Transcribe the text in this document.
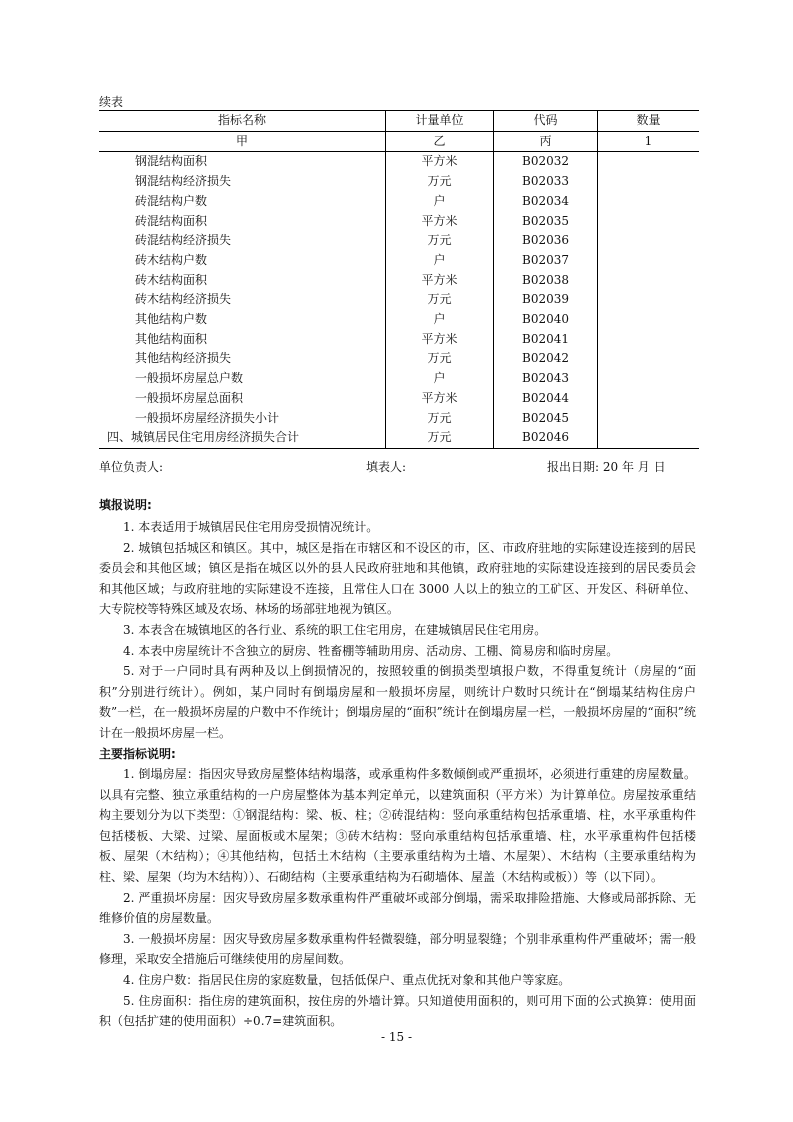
续表
指标名称	计量单位	代码	数量
甲	乙	丙	1
钢混结构面积	平方米	B02032	
钢混结构经济损失	万元	B02033	
砖混结构户数	户	B02034	
砖混结构面积	平方米	B02035	
砖混结构经济损失	万元	B02036	
砖木结构户数	户	B02037	
砖木结构面积	平方米	B02038	
砖木结构经济损失	万元	B02039	
其他结构户数	户	B02040	
其他结构面积	平方米	B02041	
其他结构经济损失	万元	B02042	
一般损坏房屋总户数	户	B02043	
一般损坏房屋总面积	平方米	B02044	
一般损坏房屋经济损失小计	万元	B02045	
四、城镇居民住宅用房经济损失合计	万元	B02046	
单位负责人:	填表人:	报出日期: 20 年 月 日
填报说明:

1. 本表适用于城镇居民住宅用房受损情况统计。

2. 城镇包括城区和镇区。其中，城区是指在市辖区和不设区的市，区、市政府驻地的实际建设连接到的居民委员会和其他区域；镇区是指在城区以外的县人民政府驻地和其他镇，政府驻地的实际建设连接到的居民委员会和其他区域；与政府驻地的实际建设不连接，且常住人口在 3000 人以上的独立的工矿区、开发区、科研单位、大专院校等特殊区域及农场、林场的场部驻地视为镇区。

3. 本表含在城镇地区的各行业、系统的职工住宅用房，在建城镇居民住宅用房。

4. 本表中房屋统计不含独立的厨房、牲畜棚等辅助用房、活动房、工棚、简易房和临时房屋。

5. 对于一户同时具有两种及以上倒损情况的，按照较重的倒损类型填报户数，不得重复统计（房屋的“面积”分别进行统计）。例如，某户同时有倒塌房屋和一般损坏房屋，则统计户数时只统计在“倒塌某结构住房户数”一栏，在一般损坏房屋的户数中不作统计；倒塌房屋的“面积”统计在倒塌房屋一栏，一般损坏房屋的“面积”统计在一般损坏房屋一栏。

主要指标说明:

1. 倒塌房屋：指因灾导致房屋整体结构塌落，或承重构件多数倾倒或严重损坏，必须进行重建的房屋数量。以具有完整、独立承重结构的一户房屋整体为基本判定单元，以建筑面积（平方米）为计算单位。房屋按承重结构主要划分为以下类型：①钢混结构：梁、板、柱；②砖混结构：竖向承重结构包括承重墙、柱，水平承重构件包括楼板、大梁、过梁、屋面板或木屋架；③砖木结构：竖向承重结构包括承重墙、柱，水平承重构件包括楼板、屋架（木结构）；④其他结构，包括土木结构（主要承重结构为土墙、木屋架）、木结构（主要承重结构为柱、梁、屋架（均为木结构））、石砌结构（主要承重结构为石砌墙体、屋盖（木结构或板））等（以下同）。

2. 严重损坏房屋：因灾导致房屋多数承重构件严重破坏或部分倒塌，需采取排险措施、大修或局部拆除、无维修价值的房屋数量。

3. 一般损坏房屋：因灾导致房屋多数承重构件轻微裂缝，部分明显裂缝；个别非承重构件严重破坏；需一般修理，采取安全措施后可继续使用的房屋间数。

4. 住房户数：指居民住房的家庭数量，包括低保户、重点优抚对象和其他户等家庭。

5. 住房面积：指住房的建筑面积，按住房的外墙计算。只知道使用面积的，则可用下面的公式换算：使用面积（包括扩建的使用面积）÷0.7=建筑面积。

- 15 -
